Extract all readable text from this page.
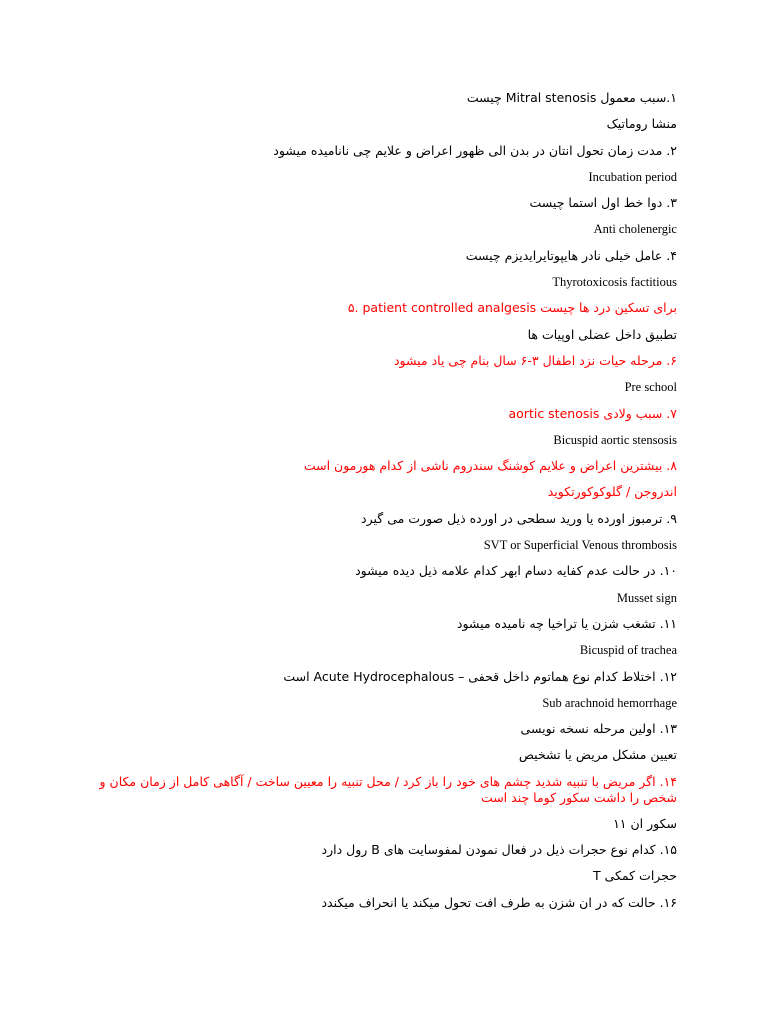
۱.سبب معمول Mitral stenosis چیست
منشا روماتیک
۲. مدت زمان تحول انتان در بدن الی ظهور اعراض و علایم چی نانامیده میشود
Incubation period
۳. دوا خط اول استما چیست
Anti cholenergic
۴. عامل خیلی نادر هایپوتایرایدیزم چیست
Thyrotoxicosis factitious
۵. patient controlled analgesis برای تسکین درد ها چیست
تطبیق داخل عضلی اوپیات ها
۶. مرحله حیات نزد اطفال ۳-۶ سال بنام چی یاد میشود
Pre school
۷. سبب ولادی aortic stenosis
Bicuspid aortic stensosis
۸. بیشترین اعراض و علایم کوشنگ سندروم ناشی از کدام هورمون است
اندروجن / گلوکوکورتکوید
۹. ترمبوز اورده یا ورید سطحی در اورده ذیل صورت می گیرد
SVT or Superficial Venous thrombosis
۱۰. در حالت عدم کفایه دسام ابهر کدام علامه ذیل دیده میشود
Musset sign
۱۱. تشغب شزن یا تراخیا چه نامیده میشود
Bicuspid of trachea
۱۲. اختلاط کدام نوع هماتوم داخل قحفی – Acute Hydrocephalous است
Sub arachnoid hemorrhage
۱۳. اولین مرحله نسخه نویسی
تعیین مشکل مریض یا تشخیص
۱۴. اگر مریض با تنبیه شدید چشم های خود را باز کرد / محل تنبیه را معیین ساخت / آگاهی کامل از زمان مکان و شخص را داشت سکور کوما چند است
سکور ان ۱۱
۱۵. کدام نوع حجرات ذیل در فعال نمودن لمفوسایت های B رول دارد
حجرات کمکی T
۱۶. حالت که در ان شزن به طرف افت تحول میکند یا انحراف میکندد
